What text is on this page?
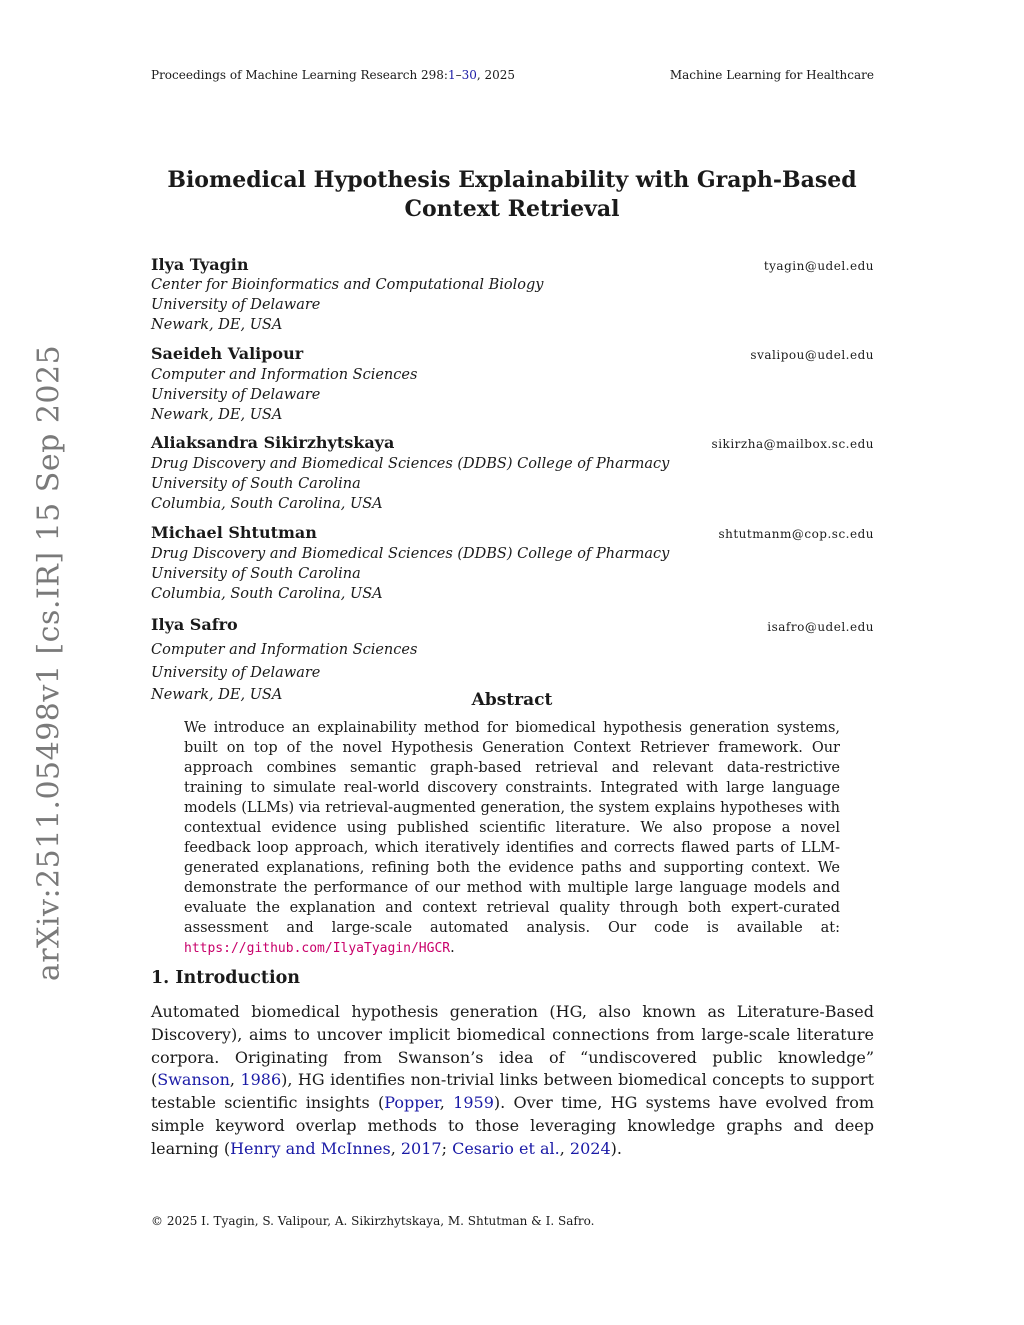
Proceedings of Machine Learning Research 298:1–30, 2025	Machine Learning for Healthcare
Biomedical Hypothesis Explainability with Graph-Based
Context Retrieval
Ilya Tyagin	tyagin@udel.edu
Center for Bioinformatics and Computational Biology
University of Delaware
Newark, DE, USA
Saeideh Valipour	svalipou@udel.edu
Computer and Information Sciences
University of Delaware
Newark, DE, USA
Aliaksandra Sikirzhytskaya	sikirzha@mailbox.sc.edu
Drug Discovery and Biomedical Sciences (DDBS) College of Pharmacy
University of South Carolina
Columbia, South Carolina, USA
Michael Shtutman	shtutmanm@cop.sc.edu
Drug Discovery and Biomedical Sciences (DDBS) College of Pharmacy
University of South Carolina
Columbia, South Carolina, USA
Ilya Safro	isafro@udel.edu
Computer and Information Sciences
University of Delaware
Newark, DE, USA	Abstract
We introduce an explainability method for biomedical hypothesis generation systems, built on top of the novel Hypothesis Generation Context Retriever framework. Our approach combines semantic graph-based retrieval and relevant data-restrictive training to simulate real-world discovery constraints. Integrated with large language models (LLMs) via retrieval-augmented generation, the system explains hypotheses with contextual evidence using published scientific literature. We also propose a novel feedback loop approach, which iteratively identifies and corrects flawed parts of LLM-generated explanations, refining both the evidence paths and supporting context. We demonstrate the performance of our method with multiple large language models and evaluate the explanation and context retrieval quality through both expert-curated assessment and large-scale automated analysis. Our code is available at: https://github.com/IlyaTyagin/HGCR.
1. Introduction
Automated biomedical hypothesis generation (HG, also known as Literature-Based Discovery), aims to uncover implicit biomedical connections from large-scale literature corpora. Originating from Swanson’s idea of “undiscovered public knowledge” (Swanson, 1986), HG identifies non-trivial links between biomedical concepts to support testable scientific insights (Popper, 1959). Over time, HG systems have evolved from simple keyword overlap methods to those leveraging knowledge graphs and deep learning (Henry and McInnes, 2017; Cesario et al., 2024).
© 2025 I. Tyagin, S. Valipour, A. Sikirzhytskaya, M. Shtutman & I. Safro.
arXiv:2511.05498v1 [cs.IR] 15 Sep 2025
